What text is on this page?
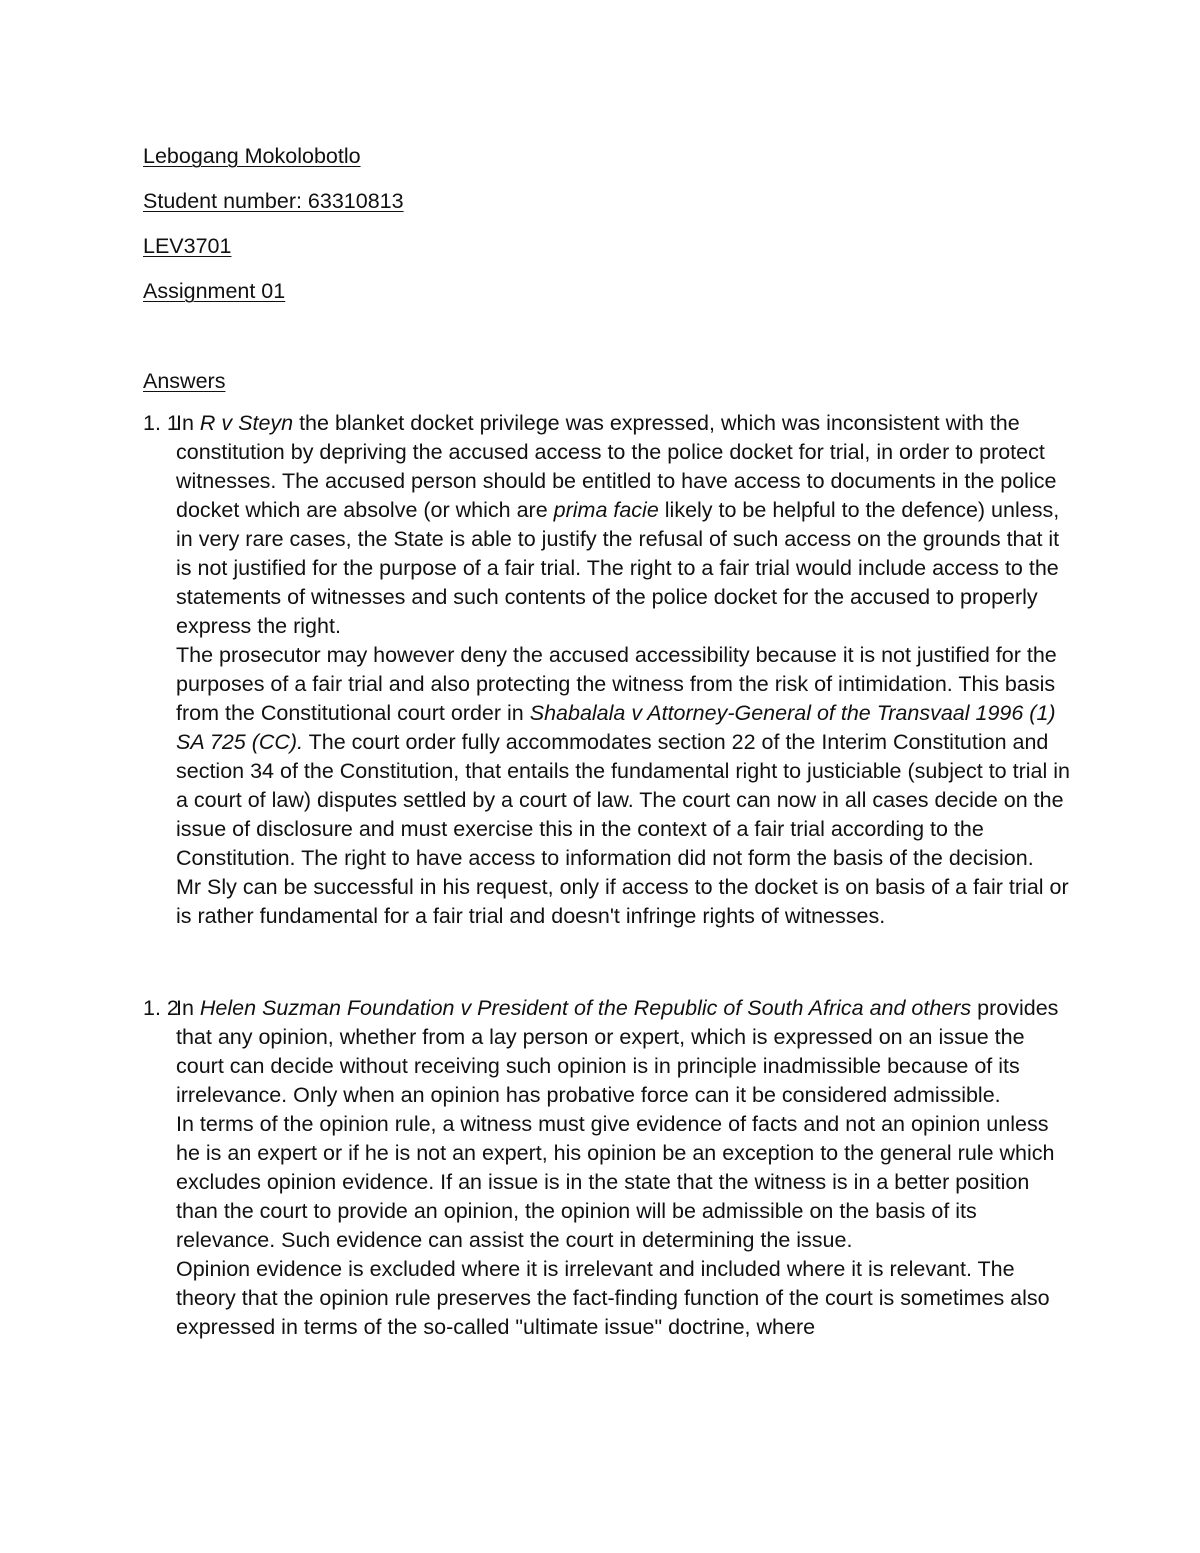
Lebogang Mokolobotlo
Student number: 63310813
LEV3701
Assignment 01
Answers
1. 1

In R v Steyn the blanket docket privilege was expressed, which was inconsistent with the constitution by depriving the accused access to the police docket for trial, in order to protect witnesses. The accused person should be entitled to have access to documents in the police docket which are absolve (or which are prima facie likely to be helpful to the defence) unless, in very rare cases, the State is able to justify the refusal of such access on the grounds that it is not justified for the purpose of a fair trial. The right to a fair trial would include access to the statements of witnesses and such contents of the police docket for the accused to properly express the right.

The prosecutor may however deny the accused accessibility because it is not justified for the purposes of a fair trial and also protecting the witness from the risk of intimidation. This basis from the Constitutional court order in Shabalala v Attorney-General of the Transvaal 1996 (1) SA 725 (CC). The court order fully accommodates section 22 of the Interim Constitution and section 34 of the Constitution, that entails the fundamental right to justiciable (subject to trial in a court of law) disputes settled by a court of law. The court can now in all cases decide on the issue of disclosure and must exercise this in the context of a fair trial according to the Constitution. The right to have access to information did not form the basis of the decision.

Mr Sly can be successful in his request, only if access to the docket is on basis of a fair trial or is rather fundamental for a fair trial and doesn't infringe rights of witnesses.

1. 2

In Helen Suzman Foundation v President of the Republic of South Africa and others provides that any opinion, whether from a lay person or expert, which is expressed on an issue the court can decide without receiving such opinion is in principle inadmissible because of its irrelevance. Only when an opinion has probative force can it be considered admissible.

In terms of the opinion rule, a witness must give evidence of facts and not an opinion unless he is an expert or if he is not an expert, his opinion be an exception to the general rule which excludes opinion evidence. If an issue is in the state that the witness is in a better position than the court to provide an opinion, the opinion will be admissible on the basis of its relevance. Such evidence can assist the court in determining the issue.

Opinion evidence is excluded where it is irrelevant and included where it is relevant. The theory that the opinion rule preserves the fact-finding function of the court is sometimes also expressed in terms of the so-called "ultimate issue" doctrine, where
